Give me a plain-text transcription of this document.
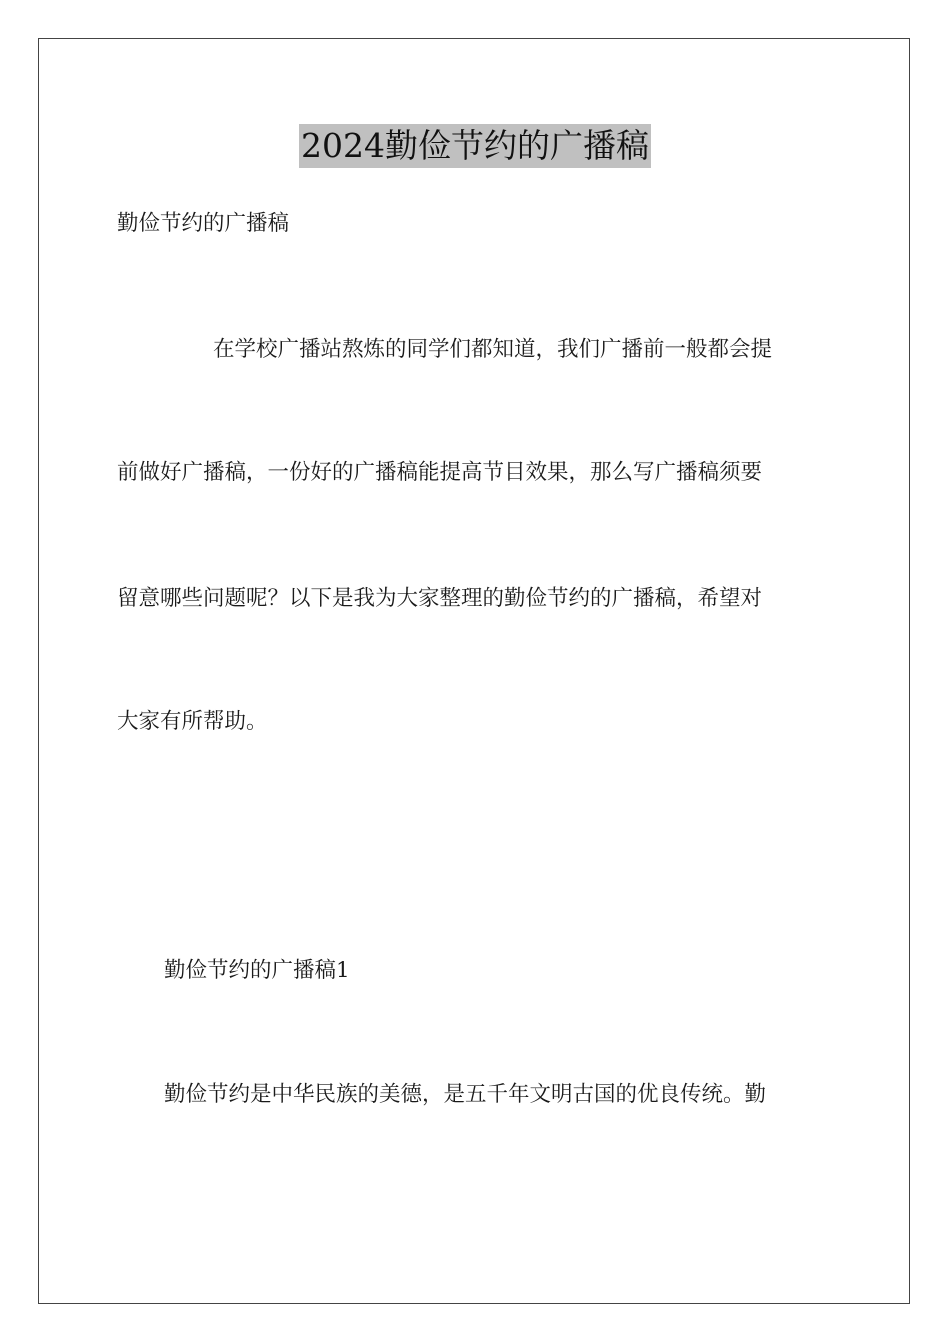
2024勤俭节约的广播稿
勤俭节约的广播稿
在学校广播站熬炼的同学们都知道，我们广播前一般都会提
前做好广播稿，一份好的广播稿能提高节目效果，那么写广播稿须要
留意哪些问题呢？以下是我为大家整理的勤俭节约的广播稿，希望对
大家有所帮助。
勤俭节约的广播稿1
勤俭节约是中华民族的美德，是五千年文明古国的优良传统。勤
